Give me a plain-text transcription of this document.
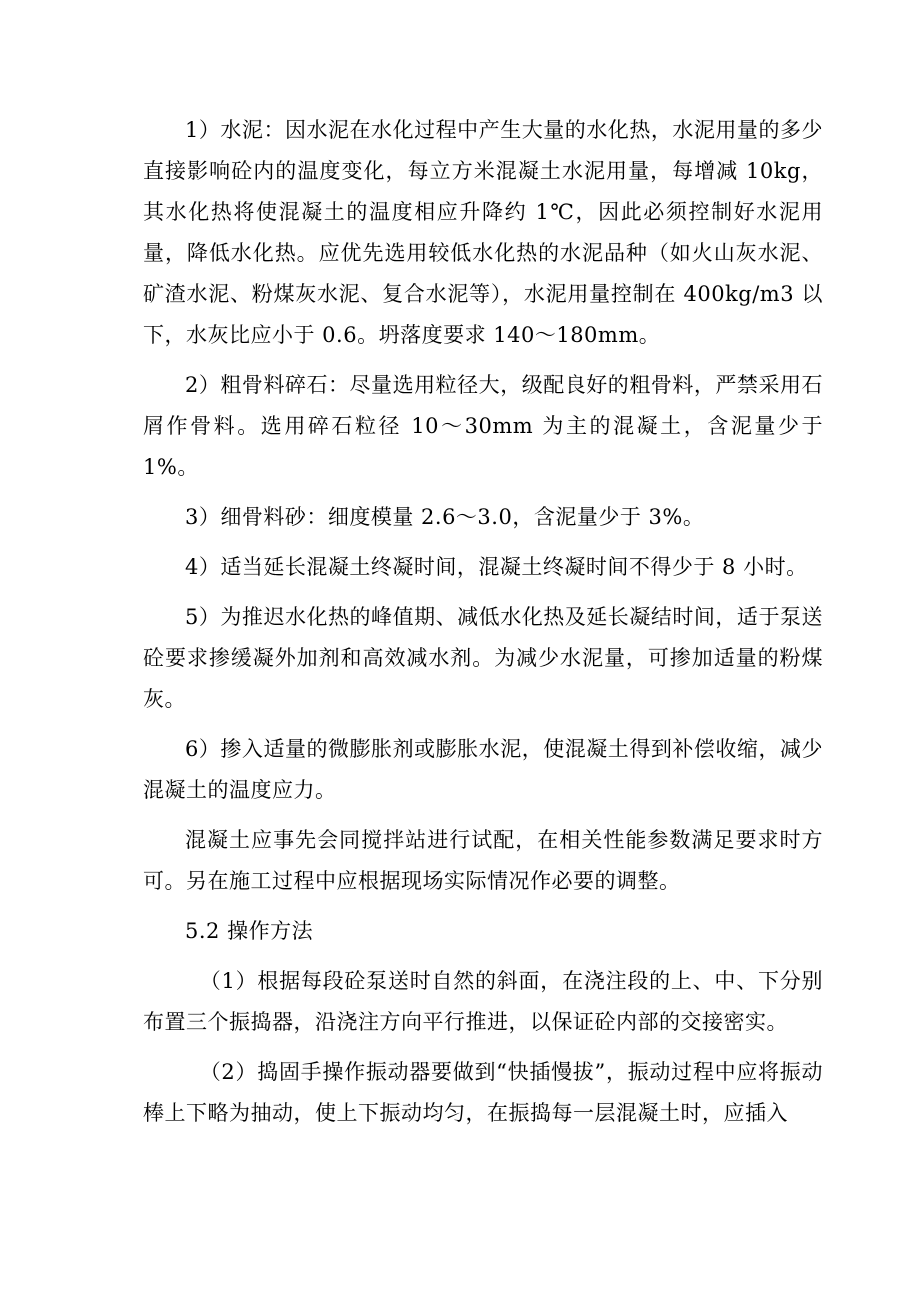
1）水泥：因水泥在水化过程中产生大量的水化热，水泥用量的多少直接影响砼内的温度变化，每立方米混凝土水泥用量，每增减 10kg，其水化热将使混凝土的温度相应升降约 1℃，因此必须控制好水泥用量，降低水化热。应优先选用较低水化热的水泥品种（如火山灰水泥、矿渣水泥、粉煤灰水泥、复合水泥等），水泥用量控制在 400kg/m3 以下，水灰比应小于 0.6。坍落度要求 140～180mm。

2）粗骨料碎石：尽量选用粒径大，级配良好的粗骨料，严禁采用石屑作骨料。选用碎石粒径 10～30mm 为主的混凝土，含泥量少于 1%。

3）细骨料砂：细度模量 2.6～3.0，含泥量少于 3%。

4）适当延长混凝土终凝时间，混凝土终凝时间不得少于 8 小时。

5）为推迟水化热的峰值期、减低水化热及延长凝结时间，适于泵送砼要求掺缓凝外加剂和高效减水剂。为减少水泥量，可掺加适量的粉煤灰。

6）掺入适量的微膨胀剂或膨胀水泥，使混凝土得到补偿收缩，减少混凝土的温度应力。

混凝土应事先会同搅拌站进行试配，在相关性能参数满足要求时方可。另在施工过程中应根据现场实际情况作必要的调整。

5.2 操作方法

（1）根据每段砼泵送时自然的斜面，在浇注段的上、中、下分别布置三个振捣器，沿浇注方向平行推进，以保证砼内部的交接密实。

（2）捣固手操作振动器要做到“快插慢拔”，振动过程中应将振动棒上下略为抽动，使上下振动均匀，在振捣每一层混凝土时，应插入
